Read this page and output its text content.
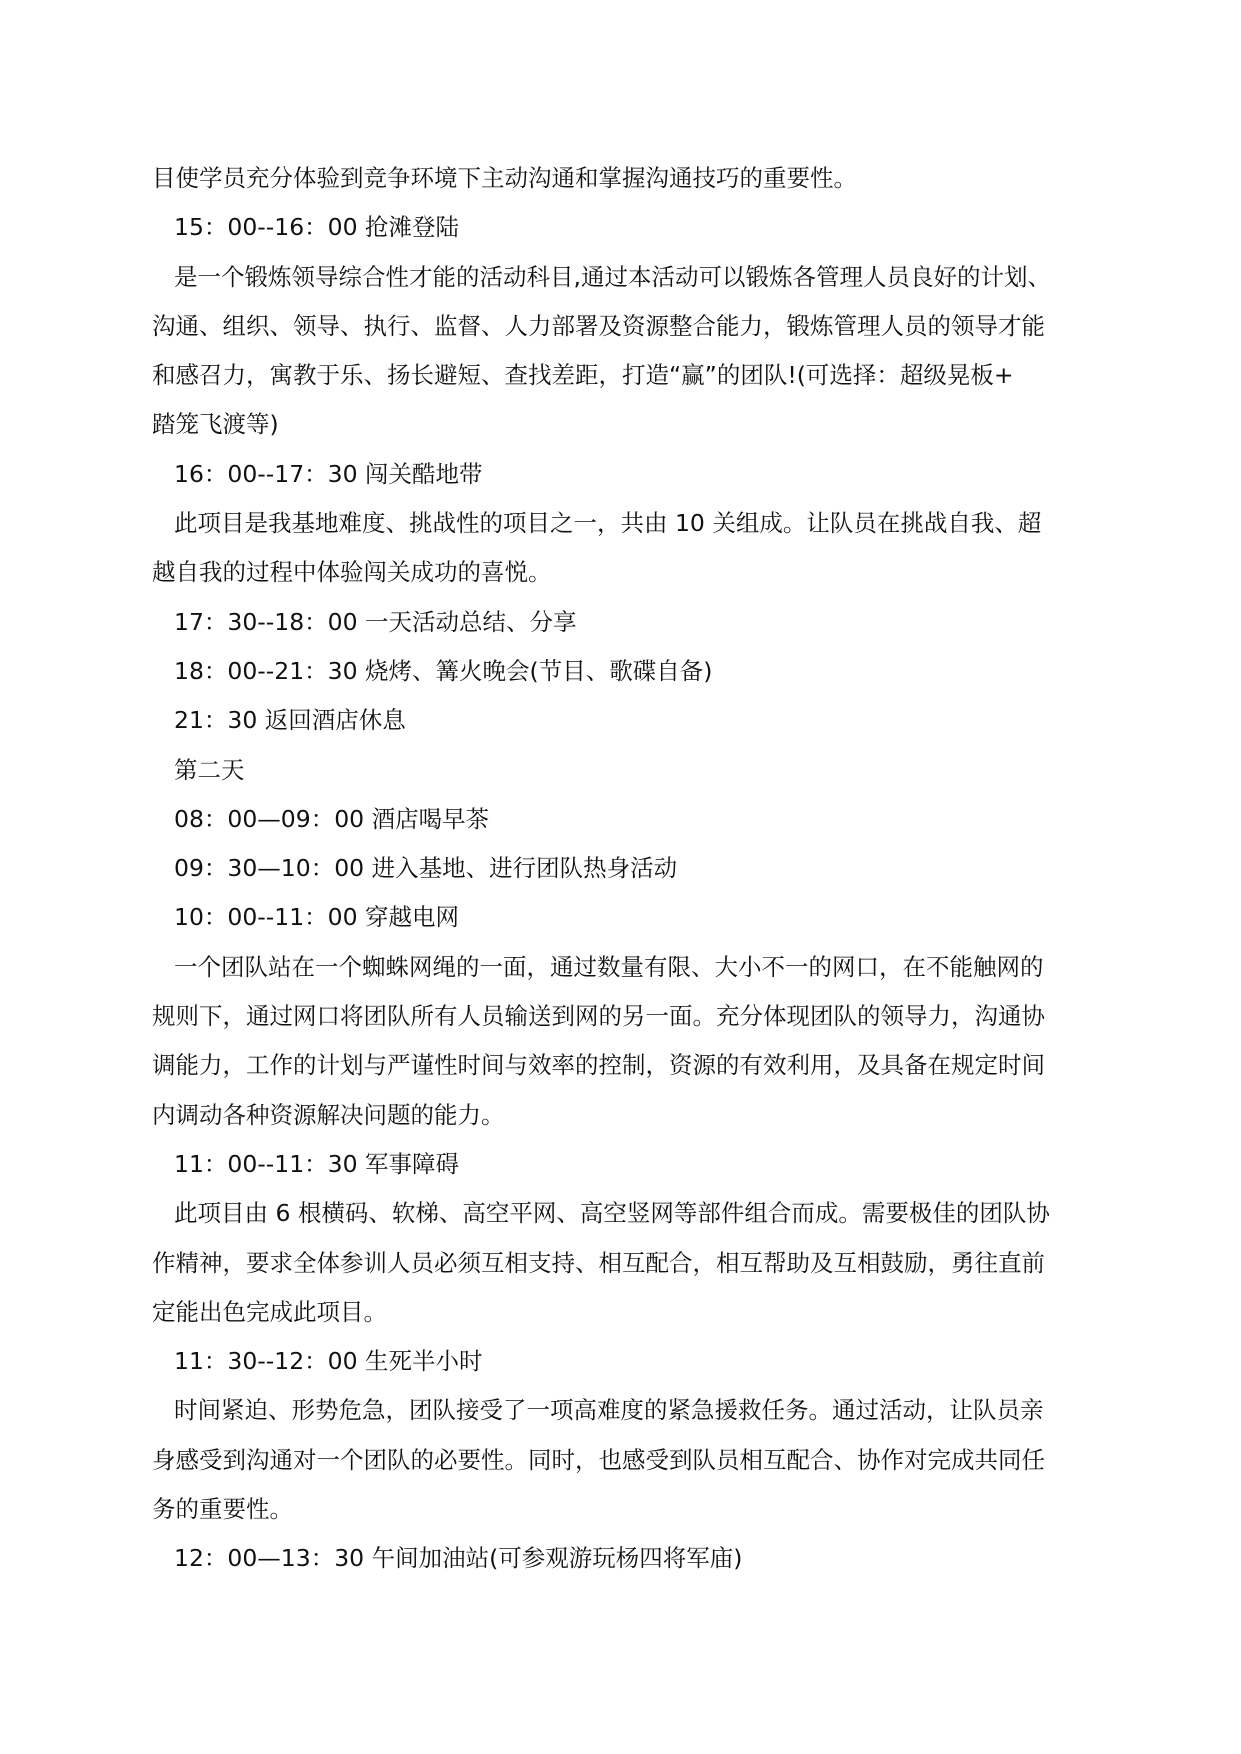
目使学员充分体验到竞争环境下主动沟通和掌握沟通技巧的重要性。
15：00--16：00 抢滩登陆
是一个锻炼领导综合性才能的活动科目,通过本活动可以锻炼各管理人员良好的计划、
沟通、组织、领导、执行、监督、人力部署及资源整合能力，锻炼管理人员的领导才能
和感召力，寓教于乐、扬长避短、查找差距，打造“赢”的团队!(可选择：超级晃板+
踏笼飞渡等)
16：00--17：30 闯关酷地带
此项目是我基地难度、挑战性的项目之一，共由 10 关组成。让队员在挑战自我、超
越自我的过程中体验闯关成功的喜悦。
17：30--18：00 一天活动总结、分享
18：00--21：30 烧烤、篝火晚会(节目、歌碟自备)
21：30 返回酒店休息
第二天
08：00—09：00 酒店喝早茶
09：30—10：00 进入基地、进行团队热身活动
10：00--11：00 穿越电网
一个团队站在一个蜘蛛网绳的一面，通过数量有限、大小不一的网口，在不能触网的
规则下，通过网口将团队所有人员输送到网的另一面。充分体现团队的领导力，沟通协
调能力，工作的计划与严谨性时间与效率的控制，资源的有效利用，及具备在规定时间
内调动各种资源解决问题的能力。
11：00--11：30 军事障碍
此项目由 6 根横码、软梯、高空平网、高空竖网等部件组合而成。需要极佳的团队协
作精神，要求全体参训人员必须互相支持、相互配合，相互帮助及互相鼓励，勇往直前
定能出色完成此项目。
11：30--12：00 生死半小时
时间紧迫、形势危急，团队接受了一项高难度的紧急援救任务。通过活动，让队员亲
身感受到沟通对一个团队的必要性。同时，也感受到队员相互配合、协作对完成共同任
务的重要性。
12：00—13：30 午间加油站(可参观游玩杨四将军庙)
